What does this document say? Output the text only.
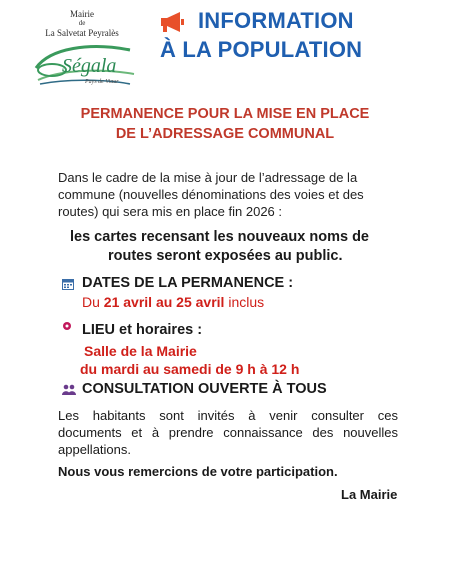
Mairie
de
La Salvetat Peyralès
Ségala
Pays de Viaur
INFORMATION
À LA POPULATION
PERMANENCE POUR LA MISE EN PLACE
DE L’ADRESSAGE COMMUNAL
Dans le cadre de la mise à jour de l’adressage de la
commune (nouvelles dénominations des voies et des
routes) qui sera mis en place fin 2026 :
les cartes recensant les nouveaux noms de
routes seront exposées au public.
DATES DE LA PERMANENCE :
Du 21 avril au 25 avril inclus
LIEU et horaires :
Salle de la Mairie
du mardi au samedi de 9 h à 12 h
CONSULTATION OUVERTE À TOUS
Les habitants sont invités à venir consulter ces
documents et à prendre connaissance des nouvelles
appellations.
Nous vous remercions de votre participation.
La Mairie
